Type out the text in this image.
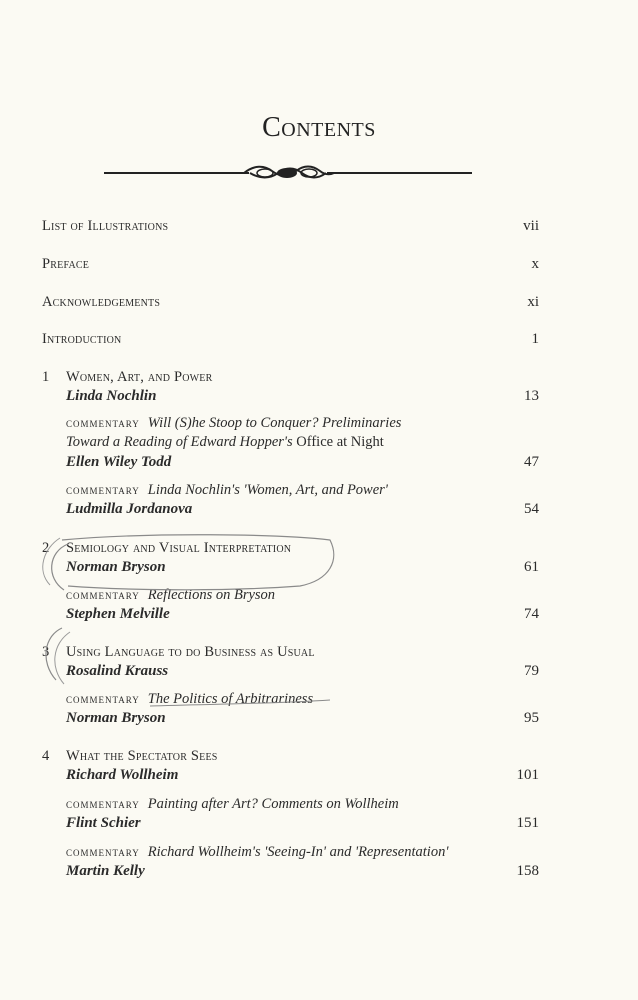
Contents
List of Illustrations	vii
Preface	x
Acknowledgements	xi
Introduction	1
1 Women, Art, and Power
Linda Nochlin	13
commentary Will (S)he Stoop to Conquer? Preliminaries
Toward a Reading of Edward Hopper's Office at Night
Ellen Wiley Todd	47
commentary Linda Nochlin's 'Women, Art, and Power'
Ludmilla Jordanova	54
2 Semiology and Visual Interpretation
Norman Bryson	61
commentary Reflections on Bryson
Stephen Melville	74
3 Using Language to do Business as Usual
Rosalind Krauss	79
commentary The Politics of Arbitrariness
Norman Bryson	95
4 What the Spectator Sees
Richard Wollheim	101
commentary Painting after Art? Comments on Wollheim
Flint Schier	151
commentary Richard Wollheim's 'Seeing-In' and 'Representation'
Martin Kelly	158
